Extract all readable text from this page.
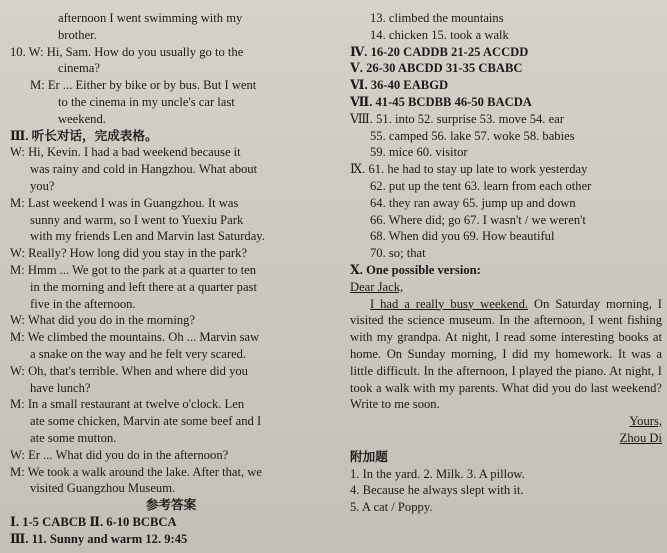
afternoon I went swimming with my
brother.
10. W: Hi, Sam. How do you usually go to the
cinema?
M: Er ... Either by bike or by bus. But I went
to the cinema in my uncle's car last
weekend.
Ⅲ. 听长对话，完成表格。
W: Hi, Kevin. I had a bad weekend because it
was rainy and cold in Hangzhou. What about
you?
M: Last weekend I was in Guangzhou. It was
sunny and warm, so I went to Yuexiu Park
with my friends Len and Marvin last Saturday.
W: Really? How long did you stay in the park?
M: Hmm ... We got to the park at a quarter to ten
in the morning and left there at a quarter past
five in the afternoon.
W: What did you do in the morning?
M: We climbed the mountains. Oh ... Marvin saw
a snake on the way and he felt very scared.
W: Oh, that's terrible. When and where did you
have lunch?
M: In a small restaurant at twelve o'clock. Len
ate some chicken, Marvin ate some beef and I
ate some mutton.
W: Er ... What did you do in the afternoon?
M: We took a walk around the lake. After that, we
visited Guangzhou Museum.
参考答案
Ⅰ. 1-5 CABCB Ⅱ. 6-10 BCBCA
Ⅲ. 11. Sunny and warm 12. 9:45
13. climbed the mountains
14. chicken 15. took a walk
Ⅳ. 16-20 CADDB 21-25 ACCDD
Ⅴ. 26-30 ABCDD 31-35 CBABC
Ⅵ. 36-40 EABGD
Ⅶ. 41-45 BCDBB 46-50 BACDA
Ⅷ. 51. into 52. surprise 53. move 54. ear
55. camped 56. lake 57. woke 58. babies
59. mice 60. visitor
Ⅸ. 61. he had to stay up late to work yesterday
62. put up the tent 63. learn from each other
64. they ran away 65. jump up and down
66. Where did; go 67. I wasn't / we weren't
68. When did you 69. How beautiful
70. so; that
Ⅹ. One possible version:
Dear Jack,
I had a really busy weekend. On Saturday morning, I visited the science museum. In the afternoon, I went fishing with my grandpa. At night, I read some interesting books at home. On Sunday morning, I did my homework. It was a little difficult. In the afternoon, I played the piano. At night, I took a walk with my parents. What did you do last weekend? Write to me soon.
Yours,
Zhou Di
附加题
1. In the yard. 2. Milk. 3. A pillow.
4. Because he always slept with it.
5. A cat / Poppy.
